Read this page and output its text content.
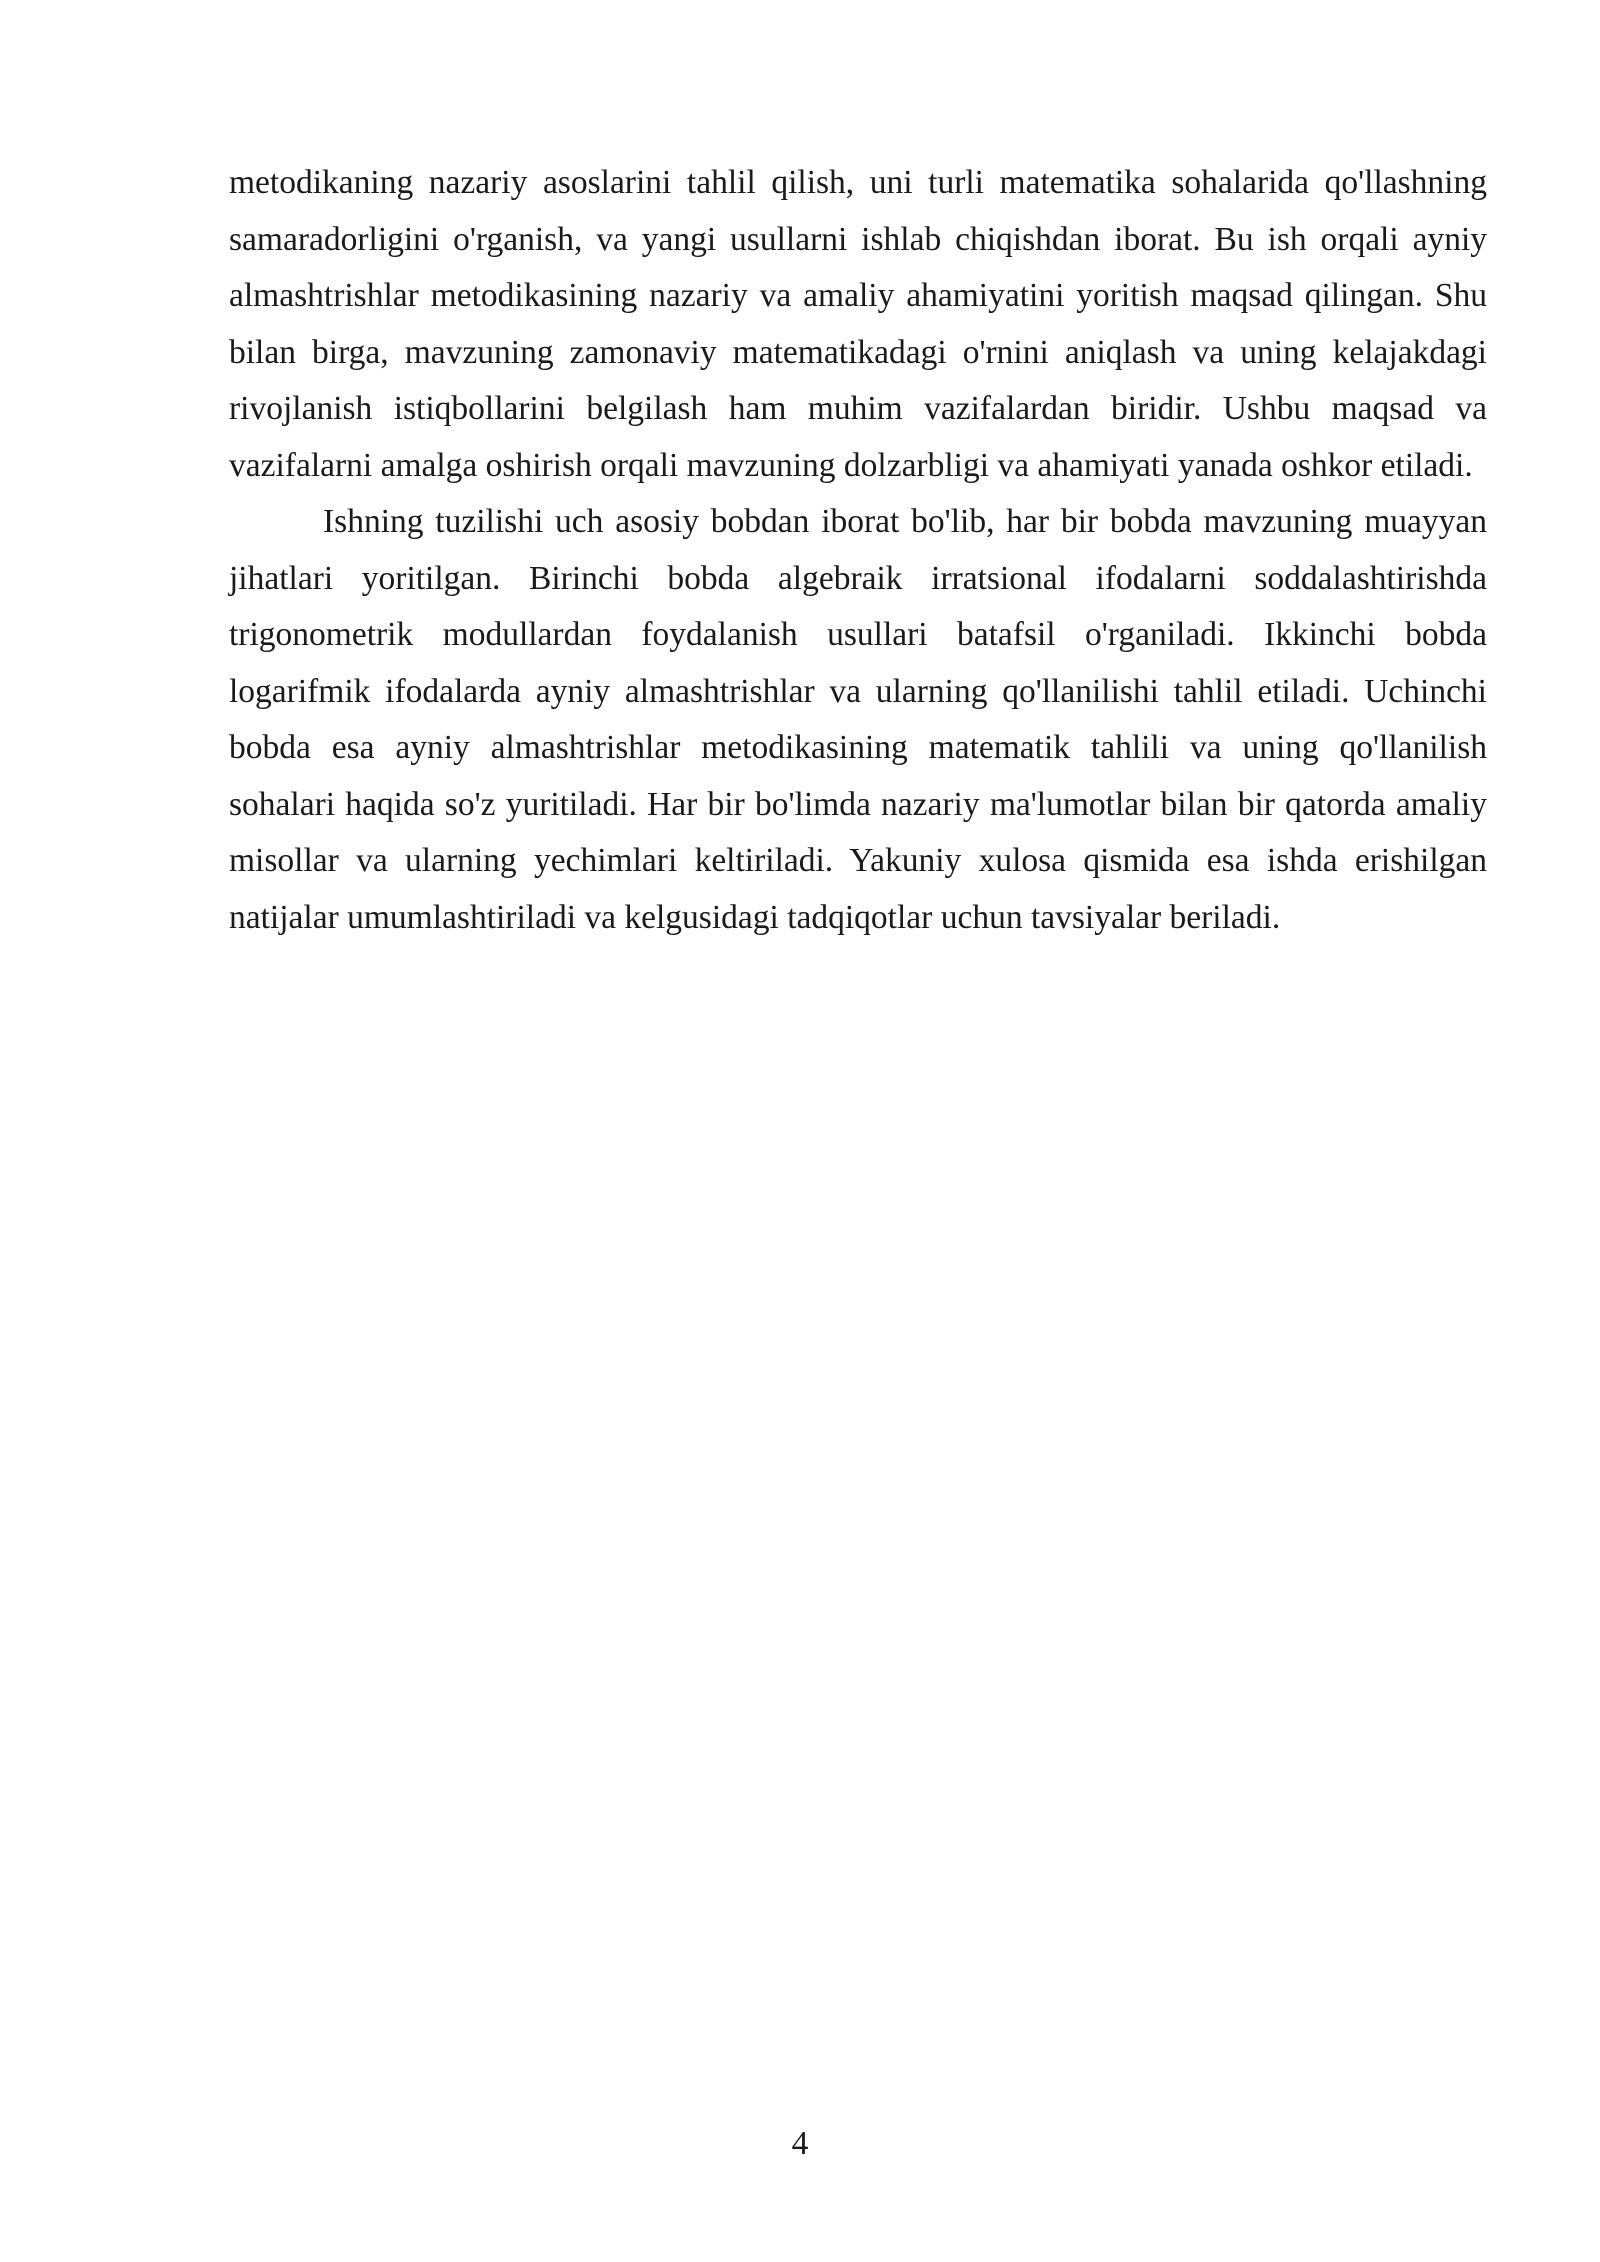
metodikaning nazariy asoslarini tahlil qilish, uni turli matematika sohalarida qo'llashning samaradorligini o'rganish, va yangi usullarni ishlab chiqishdan iborat. Bu ish orqali ayniy almashtrishlar metodikasining nazariy va amaliy ahamiyatini yoritish maqsad qilingan. Shu bilan birga, mavzuning zamonaviy matematikadagi o'rnini aniqlash va uning kelajakdagi rivojlanish istiqbollarini belgilash ham muhim vazifalardan biridir. Ushbu maqsad va vazifalarni amalga oshirish orqali mavzuning dolzarbligi va ahamiyati yanada oshkor etiladi.

Ishning tuzilishi uch asosiy bobdan iborat bo'lib, har bir bobda mavzuning muayyan jihatlari yoritilgan. Birinchi bobda algebraik irratsional ifodalarni soddalashtirishda trigonometrik modullardan foydalanish usullari batafsil o'rganiladi. Ikkinchi bobda logarifmik ifodalarda ayniy almashtrishlar va ularning qo'llanilishi tahlil etiladi. Uchinchi bobda esa ayniy almashtrishlar metodikasining matematik tahlili va uning qo'llanilish sohalari haqida so'z yuritiladi. Har bir bo'limda nazariy ma'lumotlar bilan bir qatorda amaliy misollar va ularning yechimlari keltiriladi. Yakuniy xulosa qismida esa ishda erishilgan natijalar umumlashtiriladi va kelgusidagi tadqiqotlar uchun tavsiyalar beriladi.

4
